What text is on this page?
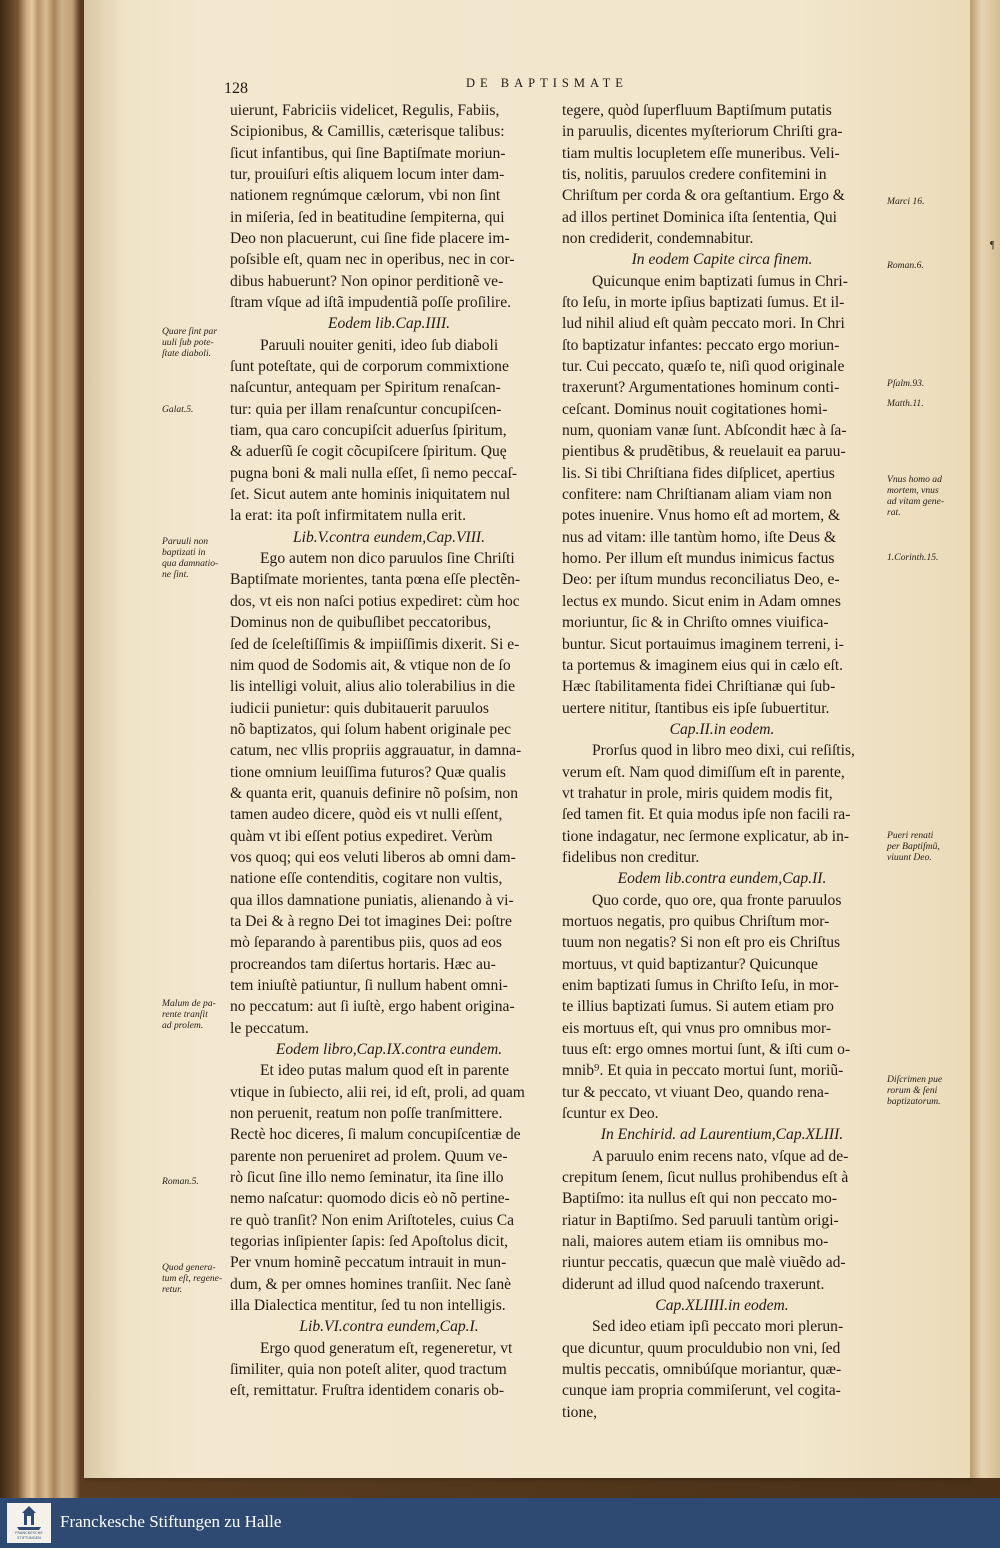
128	DE BAPTISMATE
uierunt, Fabriciis videlicet, Regulis, Fabiis,
Scipionibus, & Camillis, cæterisque talibus:
ſicut infantibus, qui ſine Baptiſmate moriun-
tur, prouiſuri eſtis aliquem locum inter dam-
nationem regnúmque cælorum, vbi non ſint
in miſeria, ſed in beatitudine ſempiterna, qui
Deo non placuerunt, cui ſine fide placere im-
poſsible eſt, quam nec in operibus, nec in cor-
dibus habuerunt? Non opinor perditionẽ ve-
ſtram vſque ad iſtã impudentiã poſſe proſilire.
Eodem lib.Cap.IIII.
Paruuli nouiter geniti, ideo ſub diaboli
ſunt poteſtate, qui de corporum commixtione
naſcuntur, antequam per Spiritum renaſcan-
tur: quia per illam renaſcuntur concupiſcen-
tiam, qua caro concupiſcit aduerſus ſpiritum,
& aduerſũ ſe cogit cõcupiſcere ſpiritum. Quę
pugna boni & mali nulla eſſet, ſi nemo peccaſ-
ſet. Sicut autem ante hominis iniquitatem nul
la erat: ita poſt infirmitatem nulla erit.
Lib.V.contra eundem,Cap.VIII.
Ego autem non dico paruulos ſine Chriſti
Baptiſmate morientes, tanta pœna eſſe plectẽn-
dos, vt eis non naſci potius expediret: cùm hoc
Dominus non de quibuſlibet peccatoribus,
ſed de ſceleſtiſſimis & impiiſſimis dixerit. Si e-
nim quod de Sodomis ait, & vtique non de ſo
lis intelligi voluit, alius alio tolerabilius in die
iudicii punietur: quis dubitauerit paruulos
nõ baptizatos, qui ſolum habent originale pec
catum, nec vllis propriis aggrauatur, in damna-
tione omnium leuiſſima futuros? Quæ qualis
& quanta erit, quanuis definire nõ poſsim, non
tamen audeo dicere, quòd eis vt nulli eſſent,
quàm vt ibi eſſent potius expediret. Verùm
vos quoq; qui eos veluti liberos ab omni dam-
natione eſſe contenditis, cogitare non vultis,
qua illos damnatione puniatis, alienando à vi-
ta Dei & à regno Dei tot imagines Dei: poſtre
mò ſeparando à parentibus piis, quos ad eos
procreandos tam diſertus hortaris. Hæc au-
tem iniuſtè patiuntur, ſi nullum habent omni-
no peccatum: aut ſi iuſtè, ergo habent origina-
le peccatum.
Eodem libro,Cap.IX.contra eundem.
Et ideo putas malum quod eſt in parente
vtique in ſubiecto, alii rei, id eſt, proli, ad quam
non peruenit, reatum non poſſe tranſmittere.
Rectè hoc diceres, ſi malum concupiſcentiæ de
parente non perueniret ad prolem. Quum ve-
rò ſicut ſine illo nemo ſeminatur, ita ſine illo
nemo naſcatur: quomodo dicis eò nõ pertine-
re quò tranſit? Non enim Ariſtoteles, cuius Ca
tegorias inſipienter ſapis: ſed Apoſtolus dicit,
Per vnum hominẽ peccatum intrauit in mun-
dum, & per omnes homines tranſiit. Nec ſanè
illa Dialectica mentitur, ſed tu non intelligis.
Lib.VI.contra eundem,Cap.I.
Ergo quod generatum eſt, regeneretur, vt
ſimiliter, quia non poteſt aliter, quod tractum
eſt, remittatur. Fruſtra identidem conaris ob-
tegere, quòd ſuperfluum Baptiſmum putatis
in paruulis, dicentes myſteriorum Chriſti gra-
tiam multis locupletem eſſe muneribus. Veli-
tis, nolitis, paruulos credere confitemini in
Chriſtum per corda & ora geſtantium. Ergo &
ad illos pertinet Dominica iſta ſententia, Qui
non crediderit, condemnabitur.
In eodem Capite circa finem.
Quicunque enim baptizati ſumus in Chri-
ſto Ieſu, in morte ipſius baptizati ſumus. Et il-
lud nihil aliud eſt quàm peccato mori. In Chri
ſto baptizatur infantes: peccato ergo moriun-
tur. Cui peccato, quæſo te, niſi quod originale
traxerunt? Argumentationes hominum conti-
ceſcant. Dominus nouit cogitationes homi-
num, quoniam vanæ ſunt. Abſcondit hæc à ſa-
pientibus & prudẽtibus, & reuelauit ea paruu-
lis. Si tibi Chriſtiana fides diſplicet, apertius
confitere: nam Chriſtianam aliam viam non
potes inuenire. Vnus homo eſt ad mortem, &
nus ad vitam: ille tantùm homo, iſte Deus &
homo. Per illum eſt mundus inimicus factus
Deo: per iſtum mundus reconciliatus Deo, e-
lectus ex mundo. Sicut enim in Adam omnes
moriuntur, ſic & in Chriſto omnes viuifica-
buntur. Sicut portauimus imaginem terreni, i-
ta portemus & imaginem eius qui in cælo eſt.
Hæc ſtabilitamenta fidei Chriſtianæ qui ſub-
uertere nititur, ſtantibus eis ipſe ſubuertitur.
Cap.II.in eodem.
Prorſus quod in libro meo dixi, cui reſiſtis,
verum eſt. Nam quod dimiſſum eſt in parente,
vt trahatur in prole, miris quidem modis fit,
ſed tamen fit. Et quia modus ipſe non facili ra-
tione indagatur, nec ſermone explicatur, ab in-
fidelibus non creditur.
Eodem lib.contra eundem,Cap.II.
Quo corde, quo ore, qua fronte paruulos
mortuos negatis, pro quibus Chriſtum mor-
tuum non negatis? Si non eſt pro eis Chriſtus
mortuus, vt quid baptizantur? Quicunque
enim baptizati ſumus in Chriſto Ieſu, in mor-
te illius baptizati ſumus. Si autem etiam pro
eis mortuus eſt, qui vnus pro omnibus mor-
tuus eſt: ergo omnes mortui ſunt, & iſti cum o-
mnib⁹. Et quia in peccato mortui ſunt, moriũ-
tur & peccato, vt viuant Deo, quando rena-
ſcuntur ex Deo.
In Enchirid. ad Laurentium,Cap.XLIII.
A paruulo enim recens nato, vſque ad de-
crepitum ſenem, ſicut nullus prohibendus eſt à
Baptiſmo: ita nullus eſt qui non peccato mo-
riatur in Baptiſmo. Sed paruuli tantùm origi-
nali, maiores autem etiam iis omnibus mo-
riuntur peccatis, quæcun que malè viuẽdo ad-
diderunt ad illud quod naſcendo traxerunt.
Cap.XLIIII.in eodem.
Sed ideo etiam ipſi peccato mori plerun-
que dicuntur, quum proculdubio non vni, ſed
multis peccatis, omnibúſque moriantur, quæ-
cunque iam propria commiſerunt, vel cogita-
tione,
Quare ſint par
uuli ſub pote-
ſtate diaboli.
Galat.5.
Paruuli non
baptizati in
qua damnatio-
ne ſint.
Malum de pa-
rente tranſit
ad prolem.
Roman.5.
Quod genera-
tum eſt, regene-
retur.
Marci 16.
Roman.6.
Pſalm.93.
Matth.11.
Vnus homo ad
mortem, vnus
ad vitam gene-
rat.
1.Corinth.15.
Pueri renati
per Baptiſmũ,
viuunt Deo.
Diſcrimen pue
rorum & ſeni
baptizatorum.
¶
FRANCKESCHE STIFTUNGEN
Franckesche Stiftungen zu Halle
